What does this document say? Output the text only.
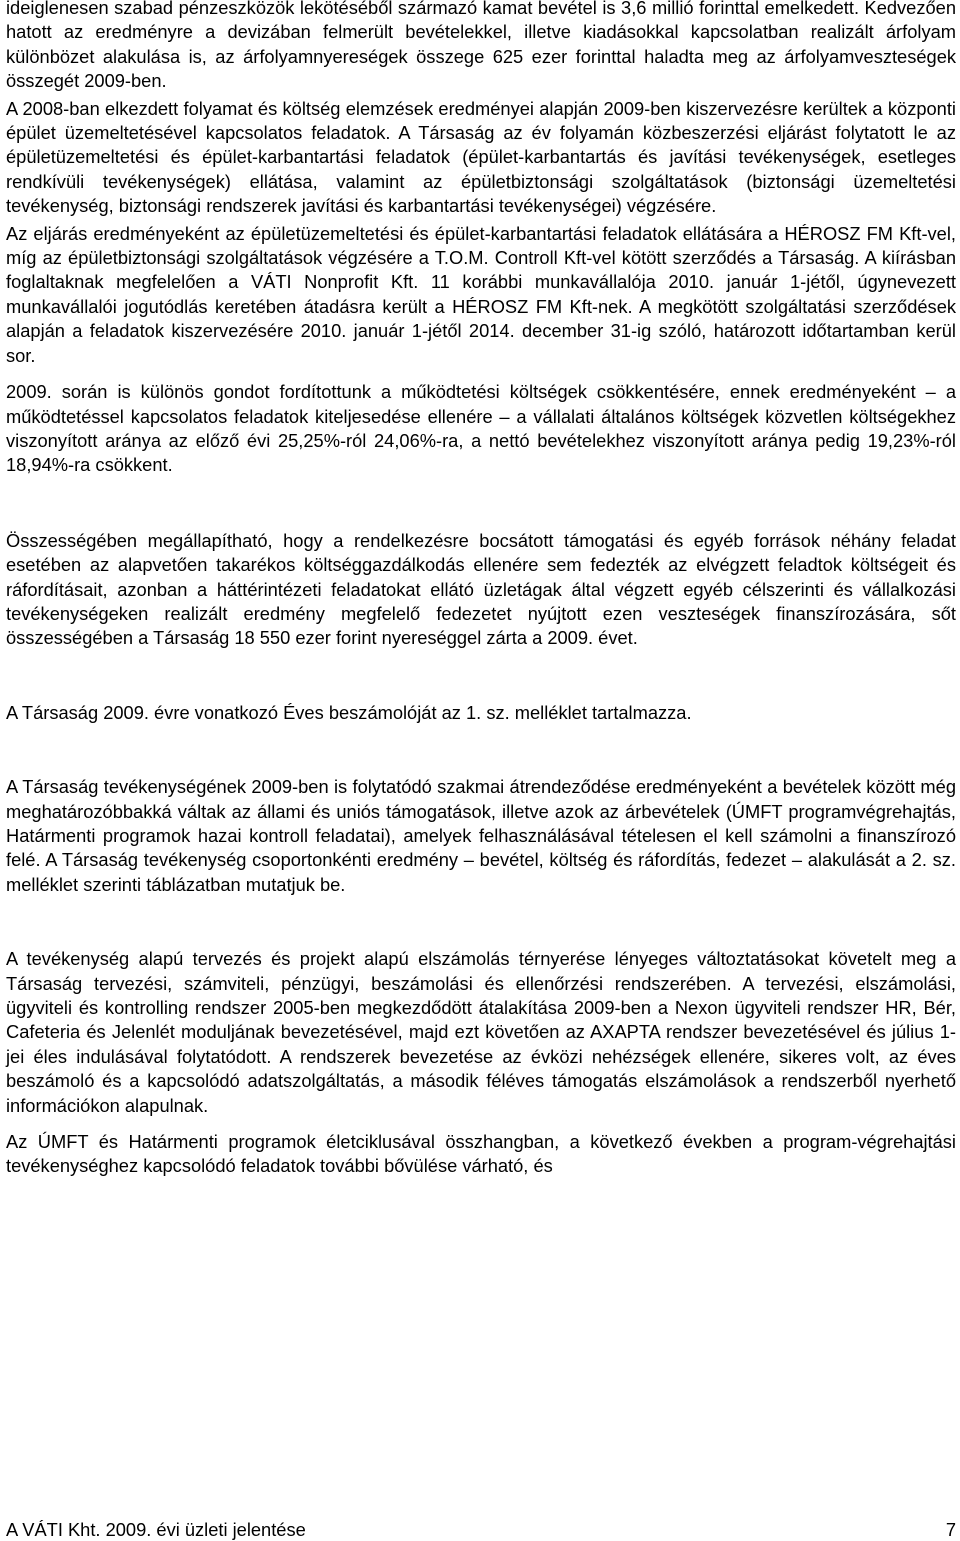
ideiglenesen szabad pénzeszközök lekötéséből származó kamat bevétel is 3,6 millió forinttal emelkedett. Kedvezően hatott az eredményre a devizában felmerült bevételekkel, illetve kiadásokkal kapcsolatban realizált árfolyam különbözet alakulása is, az árfolyamnyereségek összege 625 ezer forinttal haladta meg az árfolyamveszteségek összegét 2009-ben.

A 2008-ban elkezdett folyamat és költség elemzések eredményei alapján 2009-ben kiszervezésre kerültek a központi épület üzemeltetésével kapcsolatos feladatok. A Társaság az év folyamán közbeszerzési eljárást folytatott le az épületüzemeltetési és épület-karbantartási feladatok (épület-karbantartás és javítási tevékenységek, esetleges rendkívüli tevékenységek) ellátása, valamint az épületbiztonsági szolgáltatások (biztonsági üzemeltetési tevékenység, biztonsági rendszerek javítási és karbantartási tevékenységei) végzésére.

Az eljárás eredményeként az épületüzemeltetési és épület-karbantartási feladatok ellátására a HÉROSZ FM Kft-vel, míg az épületbiztonsági szolgáltatások végzésére a T.O.M. Controll Kft-vel kötött szerződés a Társaság. A kiírásban foglaltaknak megfelelően a VÁTI Nonprofit Kft. 11 korábbi munkavállalója 2010. január 1-jétől, úgynevezett munkavállalói jogutódlás keretében átadásra került a HÉROSZ FM Kft-nek. A megkötött szolgáltatási szerződések alapján a feladatok kiszervezésére 2010. január 1-jétől 2014. december 31-ig szóló, határozott időtartamban kerül sor.

2009. során is különös gondot fordítottunk a működtetési költségek csökkentésére, ennek eredményeként – a működtetéssel kapcsolatos feladatok kiteljesedése ellenére – a vállalati általános költségek közvetlen költségekhez viszonyított aránya az előző évi 25,25%-ról 24,06%-ra, a nettó bevételekhez viszonyított aránya pedig 19,23%-ról 18,94%-ra csökkent.

Összességében megállapítható, hogy a rendelkezésre bocsátott támogatási és egyéb források néhány feladat esetében az alapvetően takarékos költséggazdálkodás ellenére sem fedezték az elvégzett feladtok költségeit és ráfordításait, azonban a háttérintézeti feladatokat ellátó üzletágak által végzett egyéb célszerinti és vállalkozási tevékenységeken realizált eredmény megfelelő fedezetet nyújtott ezen veszteségek finanszírozására, sőt összességében a Társaság 18 550 ezer forint nyereséggel zárta a 2009. évet.

A Társaság 2009. évre vonatkozó Éves beszámolóját az 1. sz. melléklet tartalmazza.

A Társaság tevékenységének 2009-ben is folytatódó szakmai átrendeződése eredményeként a bevételek között még meghatározóbbakká váltak az állami és uniós támogatások, illetve azok az árbevételek (ÚMFT programvégrehajtás, Határmenti programok hazai kontroll feladatai), amelyek felhasználásával tételesen el kell számolni a finanszírozó felé. A Társaság tevékenység csoportonkénti eredmény – bevétel, költség és ráfordítás, fedezet – alakulását a 2. sz. melléklet szerinti táblázatban mutatjuk be.

A tevékenység alapú tervezés és projekt alapú elszámolás térnyerése lényeges változtatásokat követelt meg a Társaság tervezési, számviteli, pénzügyi, beszámolási és ellenőrzési rendszerében. A tervezési, elszámolási, ügyviteli és kontrolling rendszer 2005-ben megkezdődött átalakítása 2009-ben a Nexon ügyviteli rendszer HR, Bér, Cafeteria és Jelenlét moduljának bevezetésével, majd ezt követően az AXAPTA rendszer bevezetésével és július 1-jei éles indulásával folytatódott. A rendszerek bevezetése az évközi nehézségek ellenére, sikeres volt, az éves beszámoló és a kapcsolódó adatszolgáltatás, a második féléves támogatás elszámolások a rendszerből nyerhető információkon alapulnak.

Az ÚMFT és Határmenti programok életciklusával összhangban, a következő években a program-végrehajtási tevékenységhez kapcsolódó feladatok további bővülése várható, és

A VÁTI Kht. 2009. évi üzleti jelentése	7
